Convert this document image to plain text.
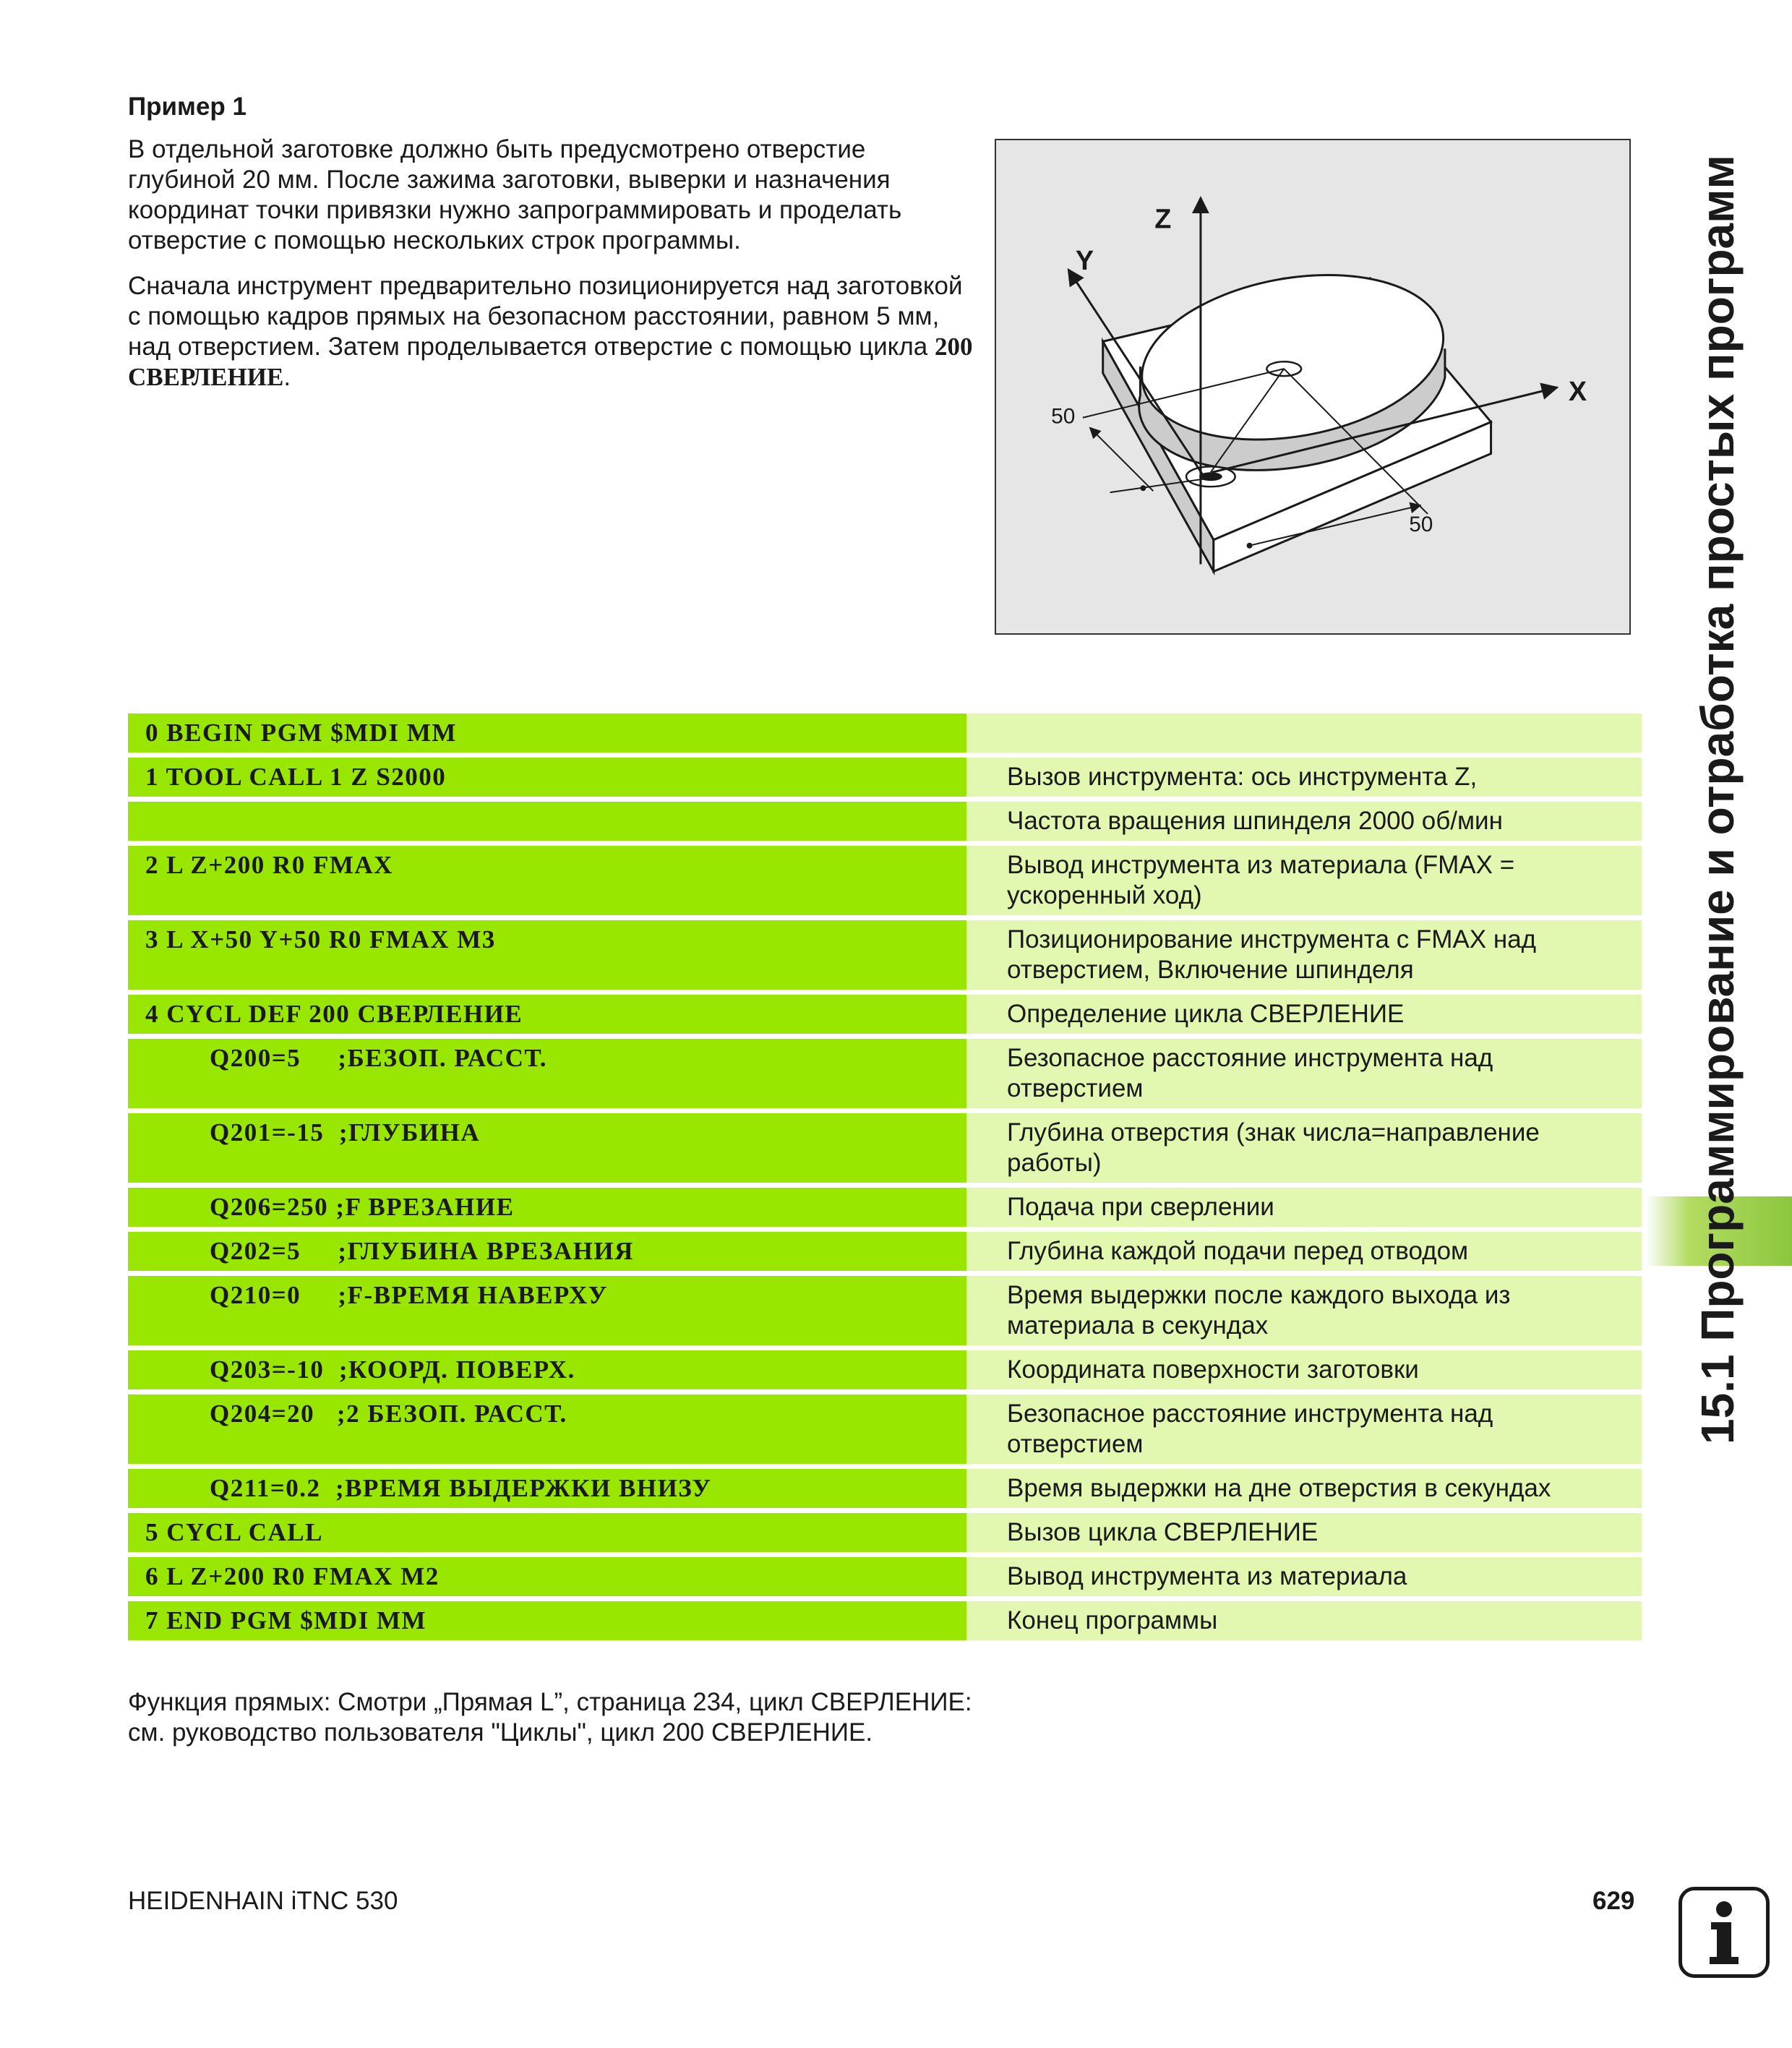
Пример 1

В отдельной заготовке должно быть предусмотрено отверстие глубиной 20 мм. После зажима заготовки, выверки и назначения координат точки привязки нужно запрограммировать и проделать отверстие с помощью нескольких строк программы.

Сначала инструмент предварительно позиционируется над заготовкой с помощью кадров прямых на безопасном расстоянии, равном 5 мм, над отверстием. Затем проделывается отверстие с помощью цикла 200 СВЕРЛЕНИЕ.

Z
Y
X
50
50
0 BEGIN PGM $MDI MM	
1 TOOL CALL 1 Z S2000	Вызов инструмента: ось инструмента Z,
	Частота вращения шпинделя 2000 об/мин
2 L Z+200 R0 FMAX	Вывод инструмента из материала (FMAX = ускоренный ход)
3 L X+50 Y+50 R0 FMAX M3	Позиционирование инструмента с FMAX над отверстием, Включение шпинделя
4 CYCL DEF 200 СВЕРЛЕНИЕ	Определение цикла СВЕРЛЕНИЕ
Q200=5     ;БЕЗОП. РАССТ.	Безопасное расстояние инструмента над отверстием
Q201=-15  ;ГЛУБИНА	Глубина отверстия (знак числа=направление работы)
Q206=250 ;F ВРЕЗАНИЕ	Подача при сверлении
Q202=5     ;ГЛУБИНА ВРЕЗАНИЯ	Глубина каждой подачи перед отводом
Q210=0     ;F-ВРЕМЯ НАВЕРХУ	Время выдержки после каждого выхода из материала в секундах
Q203=-10  ;КООРД. ПОВЕРХ.	Координата поверхности заготовки
Q204=20   ;2 БЕЗОП. РАССТ.	Безопасное расстояние инструмента над отверстием
Q211=0.2  ;ВРЕМЯ ВЫДЕРЖКИ ВНИЗУ	Время выдержки на дне отверстия в секундах
5 CYCL CALL	Вызов цикла СВЕРЛЕНИЕ
6 L Z+200 R0 FMAX M2	Вывод инструмента из материала
7 END PGM $MDI MM	Конец программы

Функция прямых: Смотри „Прямая L”, страница 234, цикл СВЕРЛЕНИЕ: см. руководство пользователя "Циклы", цикл 200 СВЕРЛЕНИЕ.

15.1 Программирование и отработка простых программ
HEIDENHAIN iTNC 530	629
